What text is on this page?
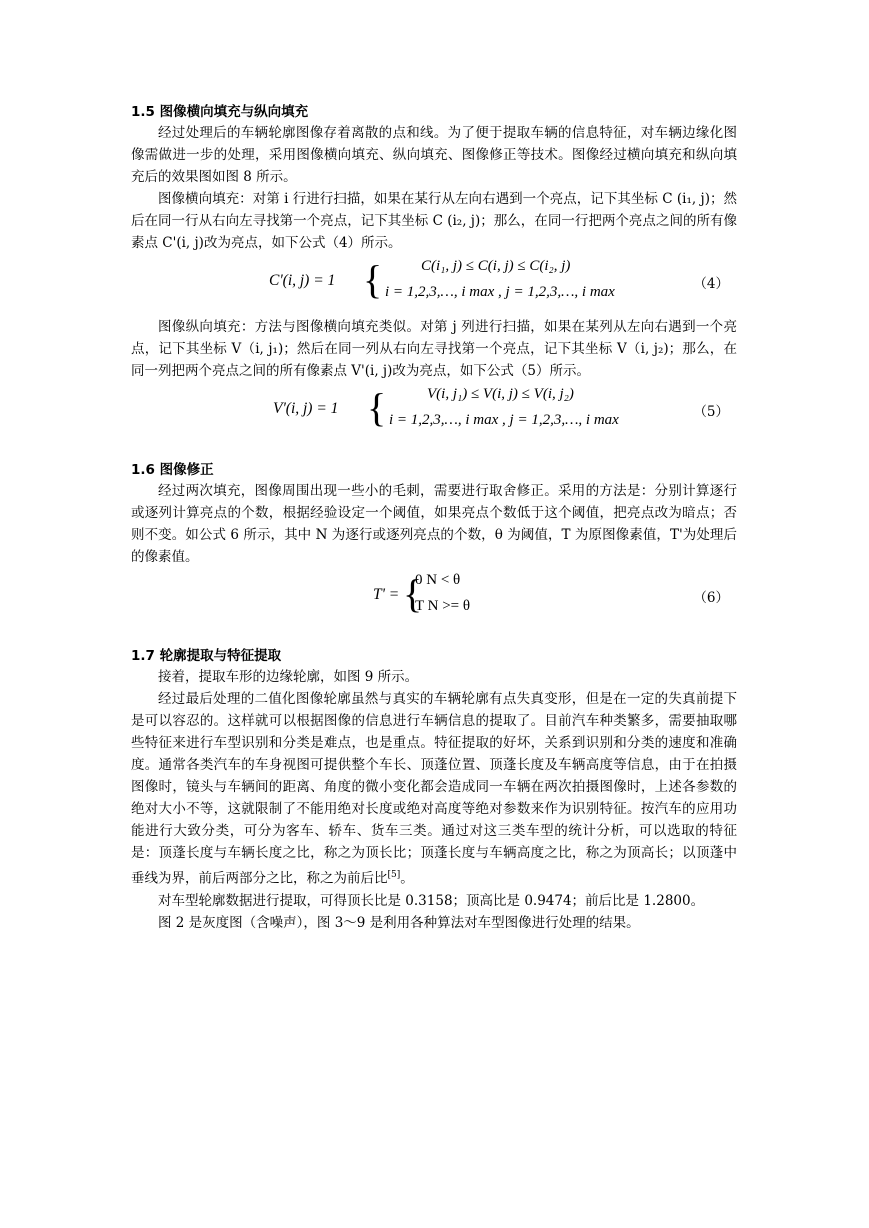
1.5 图像横向填充与纵向填充

经过处理后的车辆轮廓图像存着离散的点和线。为了便于提取车辆的信息特征，对车辆边缘化图像需做进一步的处理，采用图像横向填充、纵向填充、图像修正等技术。图像经过横向填充和纵向填充后的效果图如图 8 所示。

图像横向填充：对第 i 行进行扫描，如果在某行从左向右遇到一个亮点，记下其坐标 C (i₁, j)；然后在同一行从右向左寻找第一个亮点，记下其坐标 C (i₂, j)；那么，在同一行把两个亮点之间的所有像素点 C'(i, j)改为亮点，如下公式（4）所示。

C'(i, j) = 1 {	C(i₁, j) ≤ C(i, j) ≤ C(i₂, j)
i = 1,2,3,…, i max , j = 1,2,3,…, i max	（4）

图像纵向填充：方法与图像横向填充类似。对第 j 列进行扫描，如果在某列从左向右遇到一个亮点，记下其坐标 V（i, j₁)；然后在同一列从右向左寻找第一个亮点，记下其坐标 V（i, j₂)；那么，在同一列把两个亮点之间的所有像素点 V'(i, j)改为亮点，如下公式（5）所示。

V'(i, j) = 1 {	V(i, j₁) ≤ V(i, j) ≤ V(i, j₂)
i = 1,2,3,…, i max , j = 1,2,3,…, i max	（5）
1.6 图像修正

经过两次填充，图像周围出现一些小的毛刺，需要进行取舍修正。采用的方法是：分别计算逐行或逐列计算亮点的个数，根据经验设定一个阈值，如果亮点个数低于这个阈值，把亮点改为暗点；否则不变。如公式 6 所示，其中 N 为逐行或逐列亮点的个数，θ 为阈值，T 为原图像素值，T'为处理后的像素值。

T' = {
0 N < θ
T N >= θ	（6）
1.7 轮廓提取与特征提取

接着，提取车形的边缘轮廓，如图 9 所示。

经过最后处理的二值化图像轮廓虽然与真实的车辆轮廓有点失真变形，但是在一定的失真前提下是可以容忍的。这样就可以根据图像的信息进行车辆信息的提取了。目前汽车种类繁多，需要抽取哪些特征来进行车型识别和分类是难点，也是重点。特征提取的好坏，关系到识别和分类的速度和准确度。通常各类汽车的车身视图可提供整个车长、顶蓬位置、顶蓬长度及车辆高度等信息，由于在拍摄图像时，镜头与车辆间的距离、角度的微小变化都会造成同一车辆在两次拍摄图像时，上述各参数的绝对大小不等，这就限制了不能用绝对长度或绝对高度等绝对参数来作为识别特征。按汽车的应用功能进行大致分类，可分为客车、轿车、货车三类。通过对这三类车型的统计分析，可以选取的特征是：顶蓬长度与车辆长度之比，称之为顶长比；顶蓬长度与车辆高度之比，称之为顶高长；以顶蓬中垂线为界，前后两部分之比，称之为前后比[5]。

对车型轮廓数据进行提取，可得顶长比是 0.3158；顶高比是 0.9474；前后比是 1.2800。

图 2 是灰度图（含噪声），图 3～9 是利用各种算法对车型图像进行处理的结果。
